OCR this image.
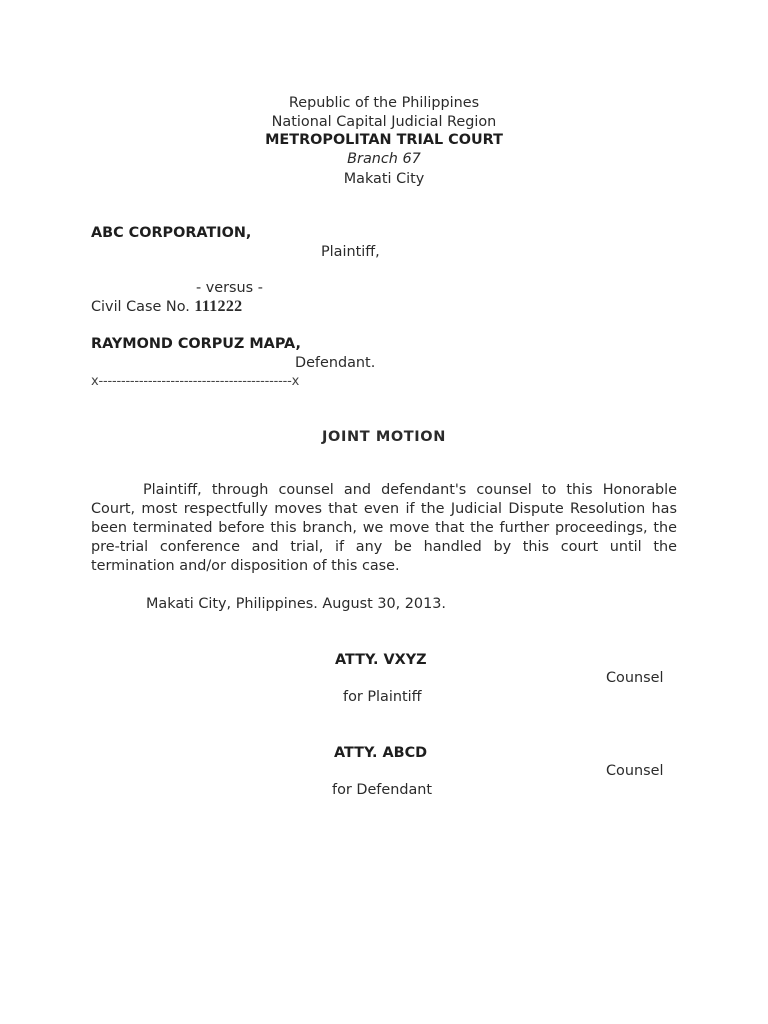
Republic of the Philippines
National Capital Judicial Region
METROPOLITAN TRIAL COURT
Branch 67
Makati City
ABC CORPORATION,
Plaintiff,
- versus -
Civil Case No. 111222
RAYMOND CORPUZ MAPA,
Defendant.
x-------------------------------------------x
JOINT MOTION
Plaintiff, through counsel and defendant's counsel to this Honorable Court, most respectfully moves that even if the Judicial Dispute Resolution has been terminated before this branch, we move that the further proceedings, the pre-trial conference and trial, if any be handled by this court until the termination and/or disposition of this case.
Makati City, Philippines. August 30, 2013.
ATTY. VXYZ
Counsel
for Plaintiff
ATTY. ABCD
Counsel
for Defendant
